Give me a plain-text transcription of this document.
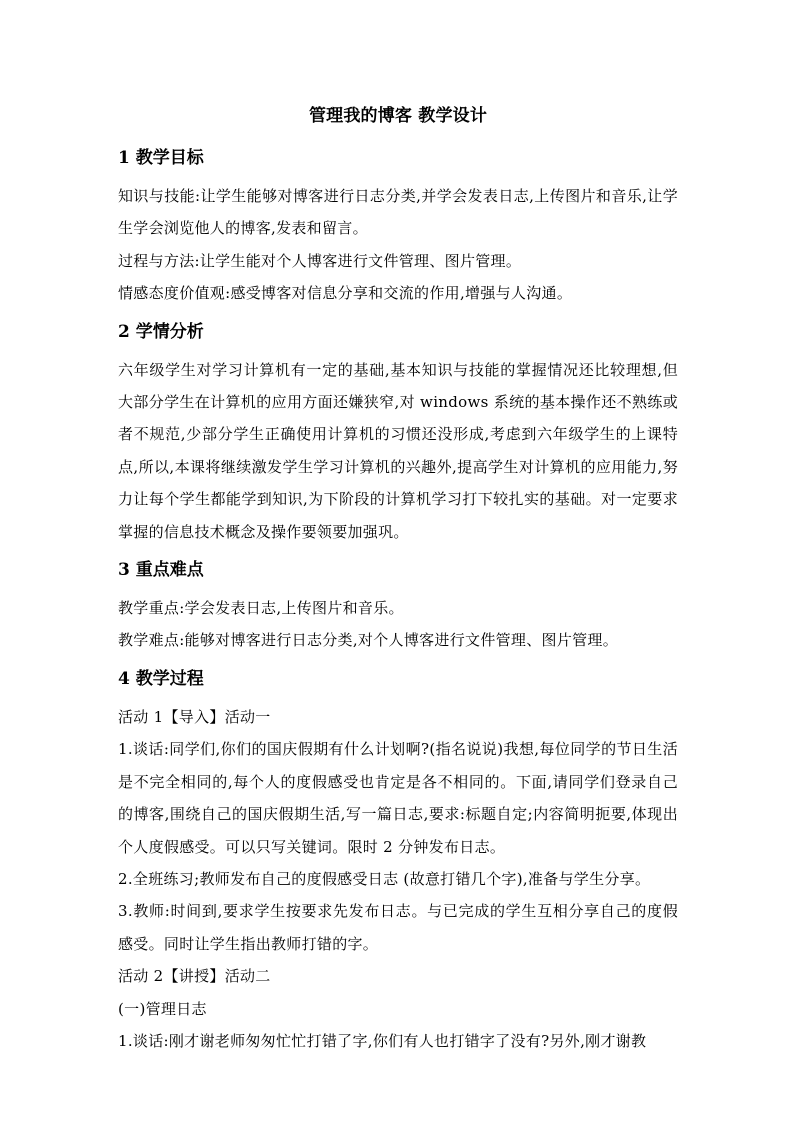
管理我的博客 教学设计
1 教学目标

知识与技能:让学生能够对博客进行日志分类,并学会发表日志,上传图片和音乐,让学生学会浏览他人的博客,发表和留言。

过程与方法:让学生能对个人博客进行文件管理、图片管理。

情感态度价值观:感受博客对信息分享和交流的作用,增强与人沟通。

2 学情分析

六年级学生对学习计算机有一定的基础,基本知识与技能的掌握情况还比较理想,但大部分学生在计算机的应用方面还嫌狭窄,对 windows 系统的基本操作还不熟练或者不规范,少部分学生正确使用计算机的习惯还没形成,考虑到六年级学生的上课特点,所以,本课将继续激发学生学习计算机的兴趣外,提高学生对计算机的应用能力,努力让每个学生都能学到知识,为下阶段的计算机学习打下较扎实的基础。对一定要求掌握的信息技术概念及操作要领要加强巩。

3 重点难点

教学重点:学会发表日志,上传图片和音乐。

教学难点:能够对博客进行日志分类,对个人博客进行文件管理、图片管理。

4 教学过程

活动 1【导入】活动一

1.谈话:同学们,你们的国庆假期有什么计划啊?(指名说说)我想,每位同学的节日生活是不完全相同的,每个人的度假感受也肯定是各不相同的。下面,请同学们登录自己的博客,围绕自己的国庆假期生活,写一篇日志,要求:标题自定;内容简明扼要,体现出个人度假感受。可以只写关键词。限时 2 分钟发布日志。

2.全班练习;教师发布自己的度假感受日志 (故意打错几个字),准备与学生分享。

3.教师:时间到,要求学生按要求先发布日志。与已完成的学生互相分享自己的度假感受。同时让学生指出教师打错的字。

活动 2【讲授】活动二

(一)管理日志

1.谈话:刚才谢老师匆匆忙忙打错了字,你们有人也打错字了没有?另外,刚才谢教
